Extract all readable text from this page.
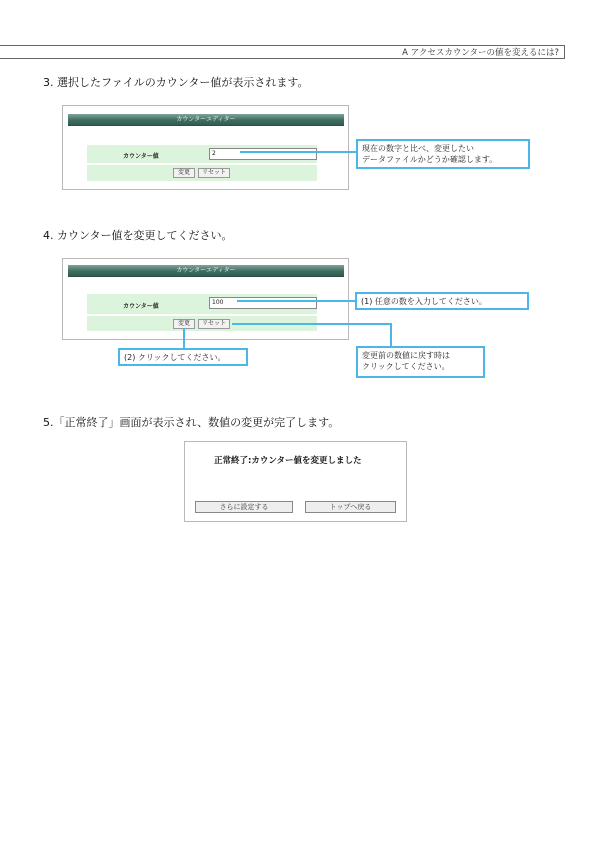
A アクセスカウンターの値を変えるには?
3. 選択したファイルのカウンター値が表示されます。
カウンターエディター
カウンター値	2
変更	リセット
現在の数字と比べ、変更したい
データファイルかどうか確認します。
4. カウンター値を変更してください。
カウンターエディター
カウンター値
100
変更	リセット
(1) 任意の数を入力してください。
(2) クリックしてください。	変更前の数値に戻す時は
クリックしてください。
5.「正常終了」画面が表示され、数値の変更が完了します。
正常終了:カウンター値を変更しました
さらに設定する	トップへ戻る
